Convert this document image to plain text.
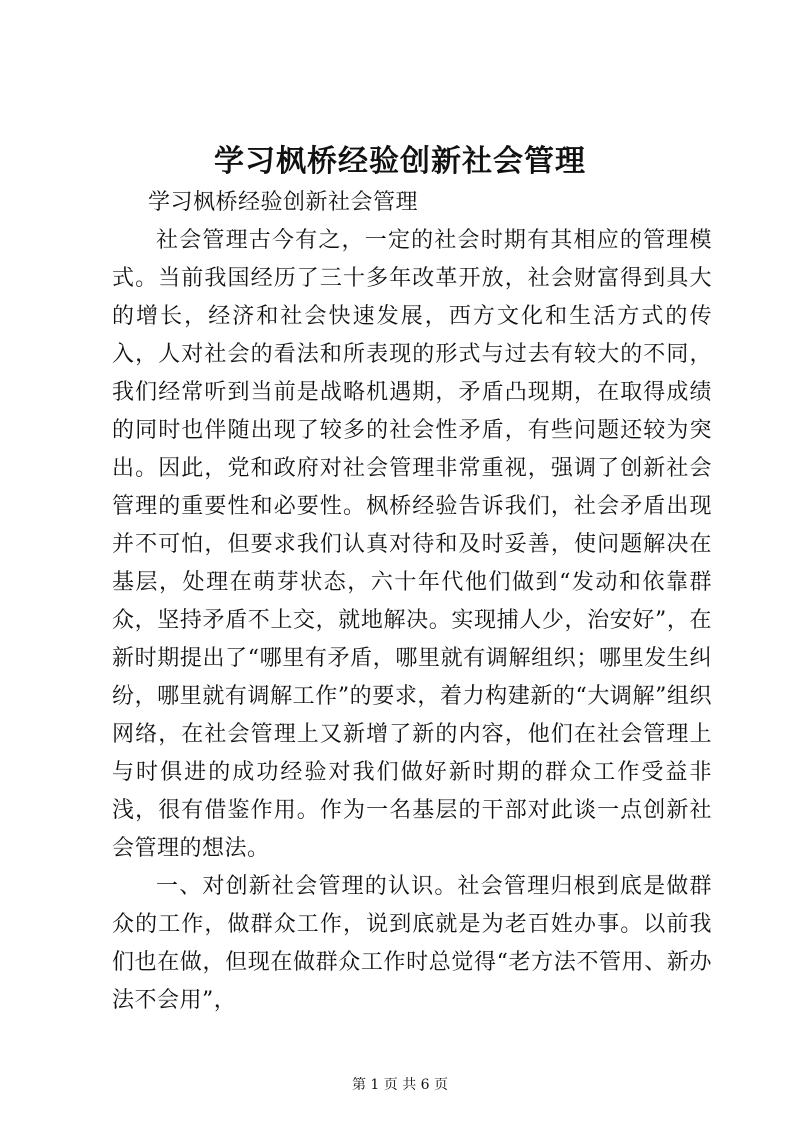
学习枫桥经验创新社会管理

学习枫桥经验创新社会管理

社会管理古今有之，一定的社会时期有其相应的管理模式。当前我国经历了三十多年改革开放，社会财富得到具大的增长，经济和社会快速发展，西方文化和生活方式的传入，人对社会的看法和所表现的形式与过去有较大的不同，我们经常听到当前是战略机遇期，矛盾凸现期，在取得成绩的同时也伴随出现了较多的社会性矛盾，有些问题还较为突出。因此，党和政府对社会管理非常重视，强调了创新社会管理的重要性和必要性。枫桥经验告诉我们，社会矛盾出现并不可怕，但要求我们认真对待和及时妥善，使问题解决在基层，处理在萌芽状态，六十年代他们做到“发动和依靠群众，坚持矛盾不上交，就地解决。实现捕人少，治安好”，在新时期提出了“哪里有矛盾，哪里就有调解组织；哪里发生纠纷，哪里就有调解工作”的要求，着力构建新的“大调解”组织网络，在社会管理上又新增了新的内容，他们在社会管理上与时俱进的成功经验对我们做好新时期的群众工作受益非浅，很有借鉴作用。作为一名基层的干部对此谈一点创新社会管理的想法。

一、对创新社会管理的认识。社会管理归根到底是做群众的工作，做群众工作，说到底就是为老百姓办事。以前我们也在做，但现在做群众工作时总觉得“老方法不管用、新办法不会用”，

第 1 页 共 6 页
